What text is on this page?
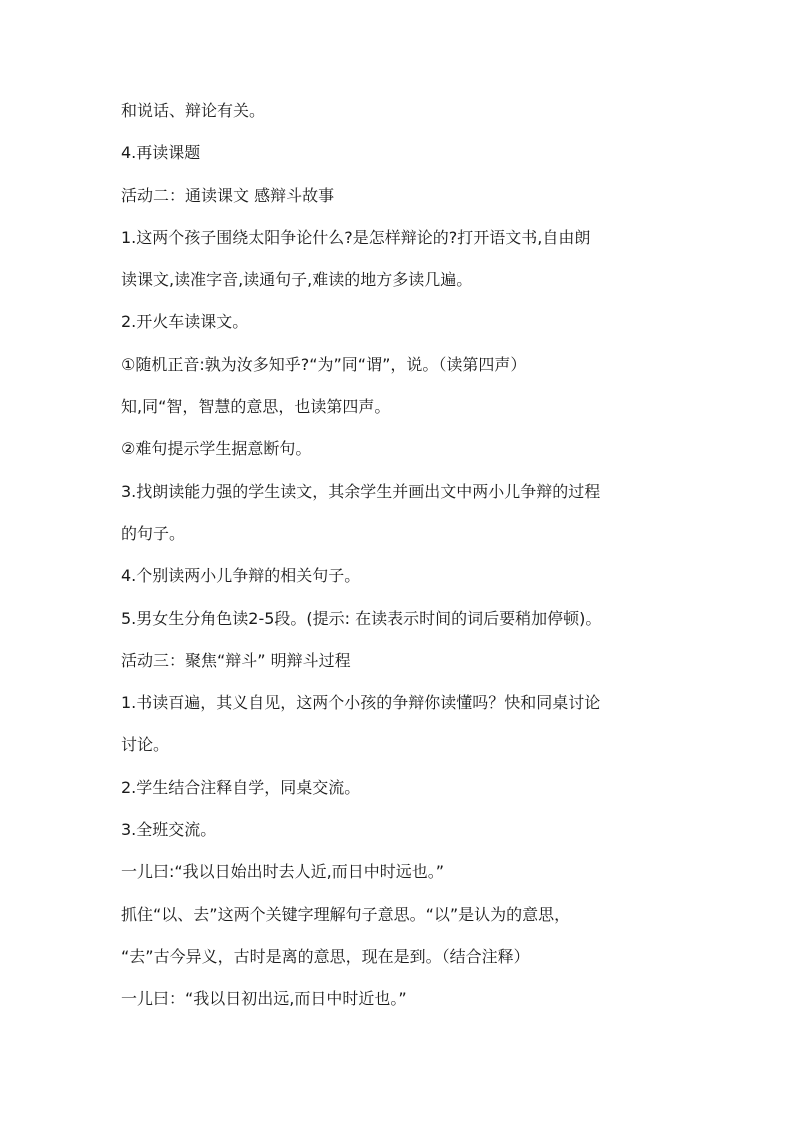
和说话、辩论有关。
4.再读课题
活动二：通读课文 感辩斗故事
1.这两个孩子围绕太阳争论什么?是怎样辩论的?打开语文书,自由朗
读课文,读准字音,读通句子,难读的地方多读几遍。
2.开火车读课文。
①随机正音:孰为汝多知乎?“为”同“谓”，说。（读第四声）
知,同“智，智慧的意思，也读第四声。
②难句提示学生据意断句。
3.找朗读能力强的学生读文，其余学生并画出文中两小儿争辩的过程
的句子。
4.个别读两小儿争辩的相关句子。
5.男女生分角色读2-5段。(提示: 在读表示时间的词后要稍加停顿)。
活动三：聚焦“辩斗” 明辩斗过程
1.书读百遍，其义自见，这两个小孩的争辩你读懂吗？快和同桌讨论
讨论。
2.学生结合注释自学，同桌交流。
3.全班交流。
一儿曰:“我以日始出时去人近,而日中时远也。”
抓住“以、去”这两个关键字理解句子意思。“以”是认为的意思，
“去”古今异义，古时是离的意思，现在是到。（结合注释）
一儿曰：“我以日初出远,而日中时近也。”
